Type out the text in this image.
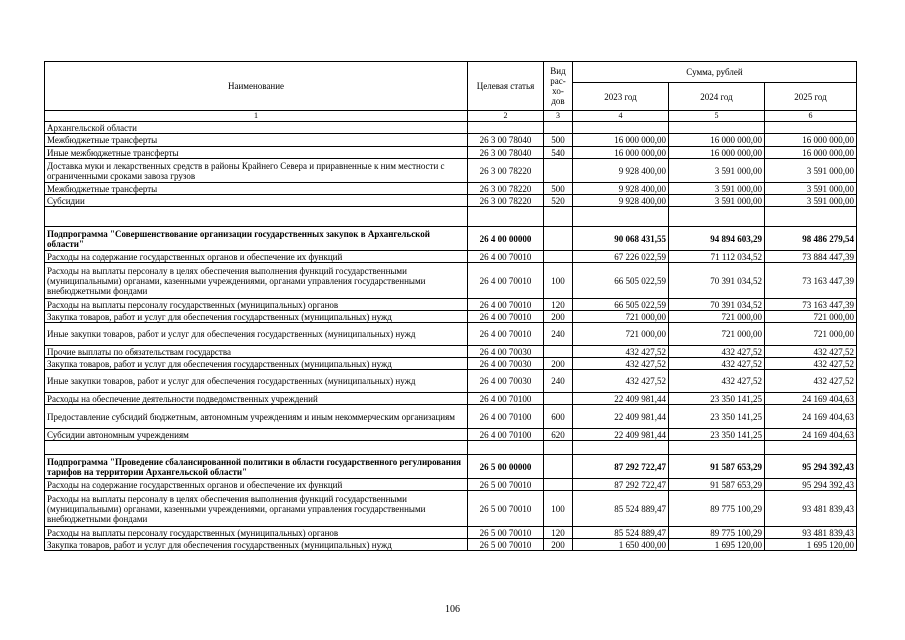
Наименование	Целевая статья	Вид рас-хо-дов	Сумма, рублей		
			2023 год	2024 год	2025 год
1	2	3	4	5	6
Архангельской области					
Межбюджетные трансферты	26 3 00 78040	500	16 000 000,00	16 000 000,00	16 000 000,00
Иные межбюджетные трансферты	26 3 00 78040	540	16 000 000,00	16 000 000,00	16 000 000,00
Доставка муки и лекарственных средств в районы Крайнего Севера и приравненные к ним местности с ограниченными сроками завоза грузов	26 3 00 78220		9 928 400,00	3 591 000,00	3 591 000,00
Межбюджетные трансферты	26 3 00 78220	500	9 928 400,00	3 591 000,00	3 591 000,00
Субсидии	26 3 00 78220	520	9 928 400,00	3 591 000,00	3 591 000,00

Подпрограмма "Совершенствование организации государственных закупок в Архангельской области"	26 4 00 00000		90 068 431,55	94 894 603,29	98 486 279,54
Расходы на содержание государственных органов и обеспечение их функций	26 4 00 70010		67 226 022,59	71 112 034,52	73 884 447,39
Расходы на выплаты персоналу в целях обеспечения выполнения функций государственными (муниципальными) органами, казенными учреждениями, органами управления государственными внебюджетными фондами	26 4 00 70010	100	66 505 022,59	70 391 034,52	73 163 447,39
Расходы на выплаты персоналу государственных (муниципальных) органов	26 4 00 70010	120	66 505 022,59	70 391 034,52	73 163 447,39
Закупка товаров, работ и услуг для обеспечения государственных (муниципальных) нужд	26 4 00 70010	200	721 000,00	721 000,00	721 000,00
Иные закупки товаров, работ и услуг для обеспечения государственных (муниципальных) нужд	26 4 00 70010	240	721 000,00	721 000,00	721 000,00
Прочие выплаты по обязательствам государства	26 4 00 70030		432 427,52	432 427,52	432 427,52
Закупка товаров, работ и услуг для обеспечения государственных (муниципальных) нужд	26 4 00 70030	200	432 427,52	432 427,52	432 427,52
Иные закупки товаров, работ и услуг для обеспечения государственных (муниципальных) нужд	26 4 00 70030	240	432 427,52	432 427,52	432 427,52
Расходы на обеспечение деятельности подведомственных учреждений	26 4 00 70100		22 409 981,44	23 350 141,25	24 169 404,63
Предоставление субсидий бюджетным, автономным учреждениям и иным некоммерческим организациям	26 4 00 70100	600	22 409 981,44	23 350 141,25	24 169 404,63
Субсидии автономным учреждениям	26 4 00 70100	620	22 409 981,44	23 350 141,25	24 169 404,63

Подпрограмма "Проведение сбалансированной политики в области государственного регулирования тарифов на территории Архангельской области"	26 5 00 00000		87 292 722,47	91 587 653,29	95 294 392,43
Расходы на содержание государственных органов и обеспечение их функций	26 5 00 70010		87 292 722,47	91 587 653,29	95 294 392,43
Расходы на выплаты персоналу в целях обеспечения выполнения функций государственными (муниципальными) органами, казенными учреждениями, органами управления государственными внебюджетными фондами	26 5 00 70010	100	85 524 889,47	89 775 100,29	93 481 839,43
Расходы на выплаты персоналу государственных (муниципальных) органов	26 5 00 70010	120	85 524 889,47	89 775 100,29	93 481 839,43
Закупка товаров, работ и услуг для обеспечения государственных (муниципальных) нужд	26 5 00 70010	200	1 650 400,00	1 695 120,00	1 695 120,00
106
